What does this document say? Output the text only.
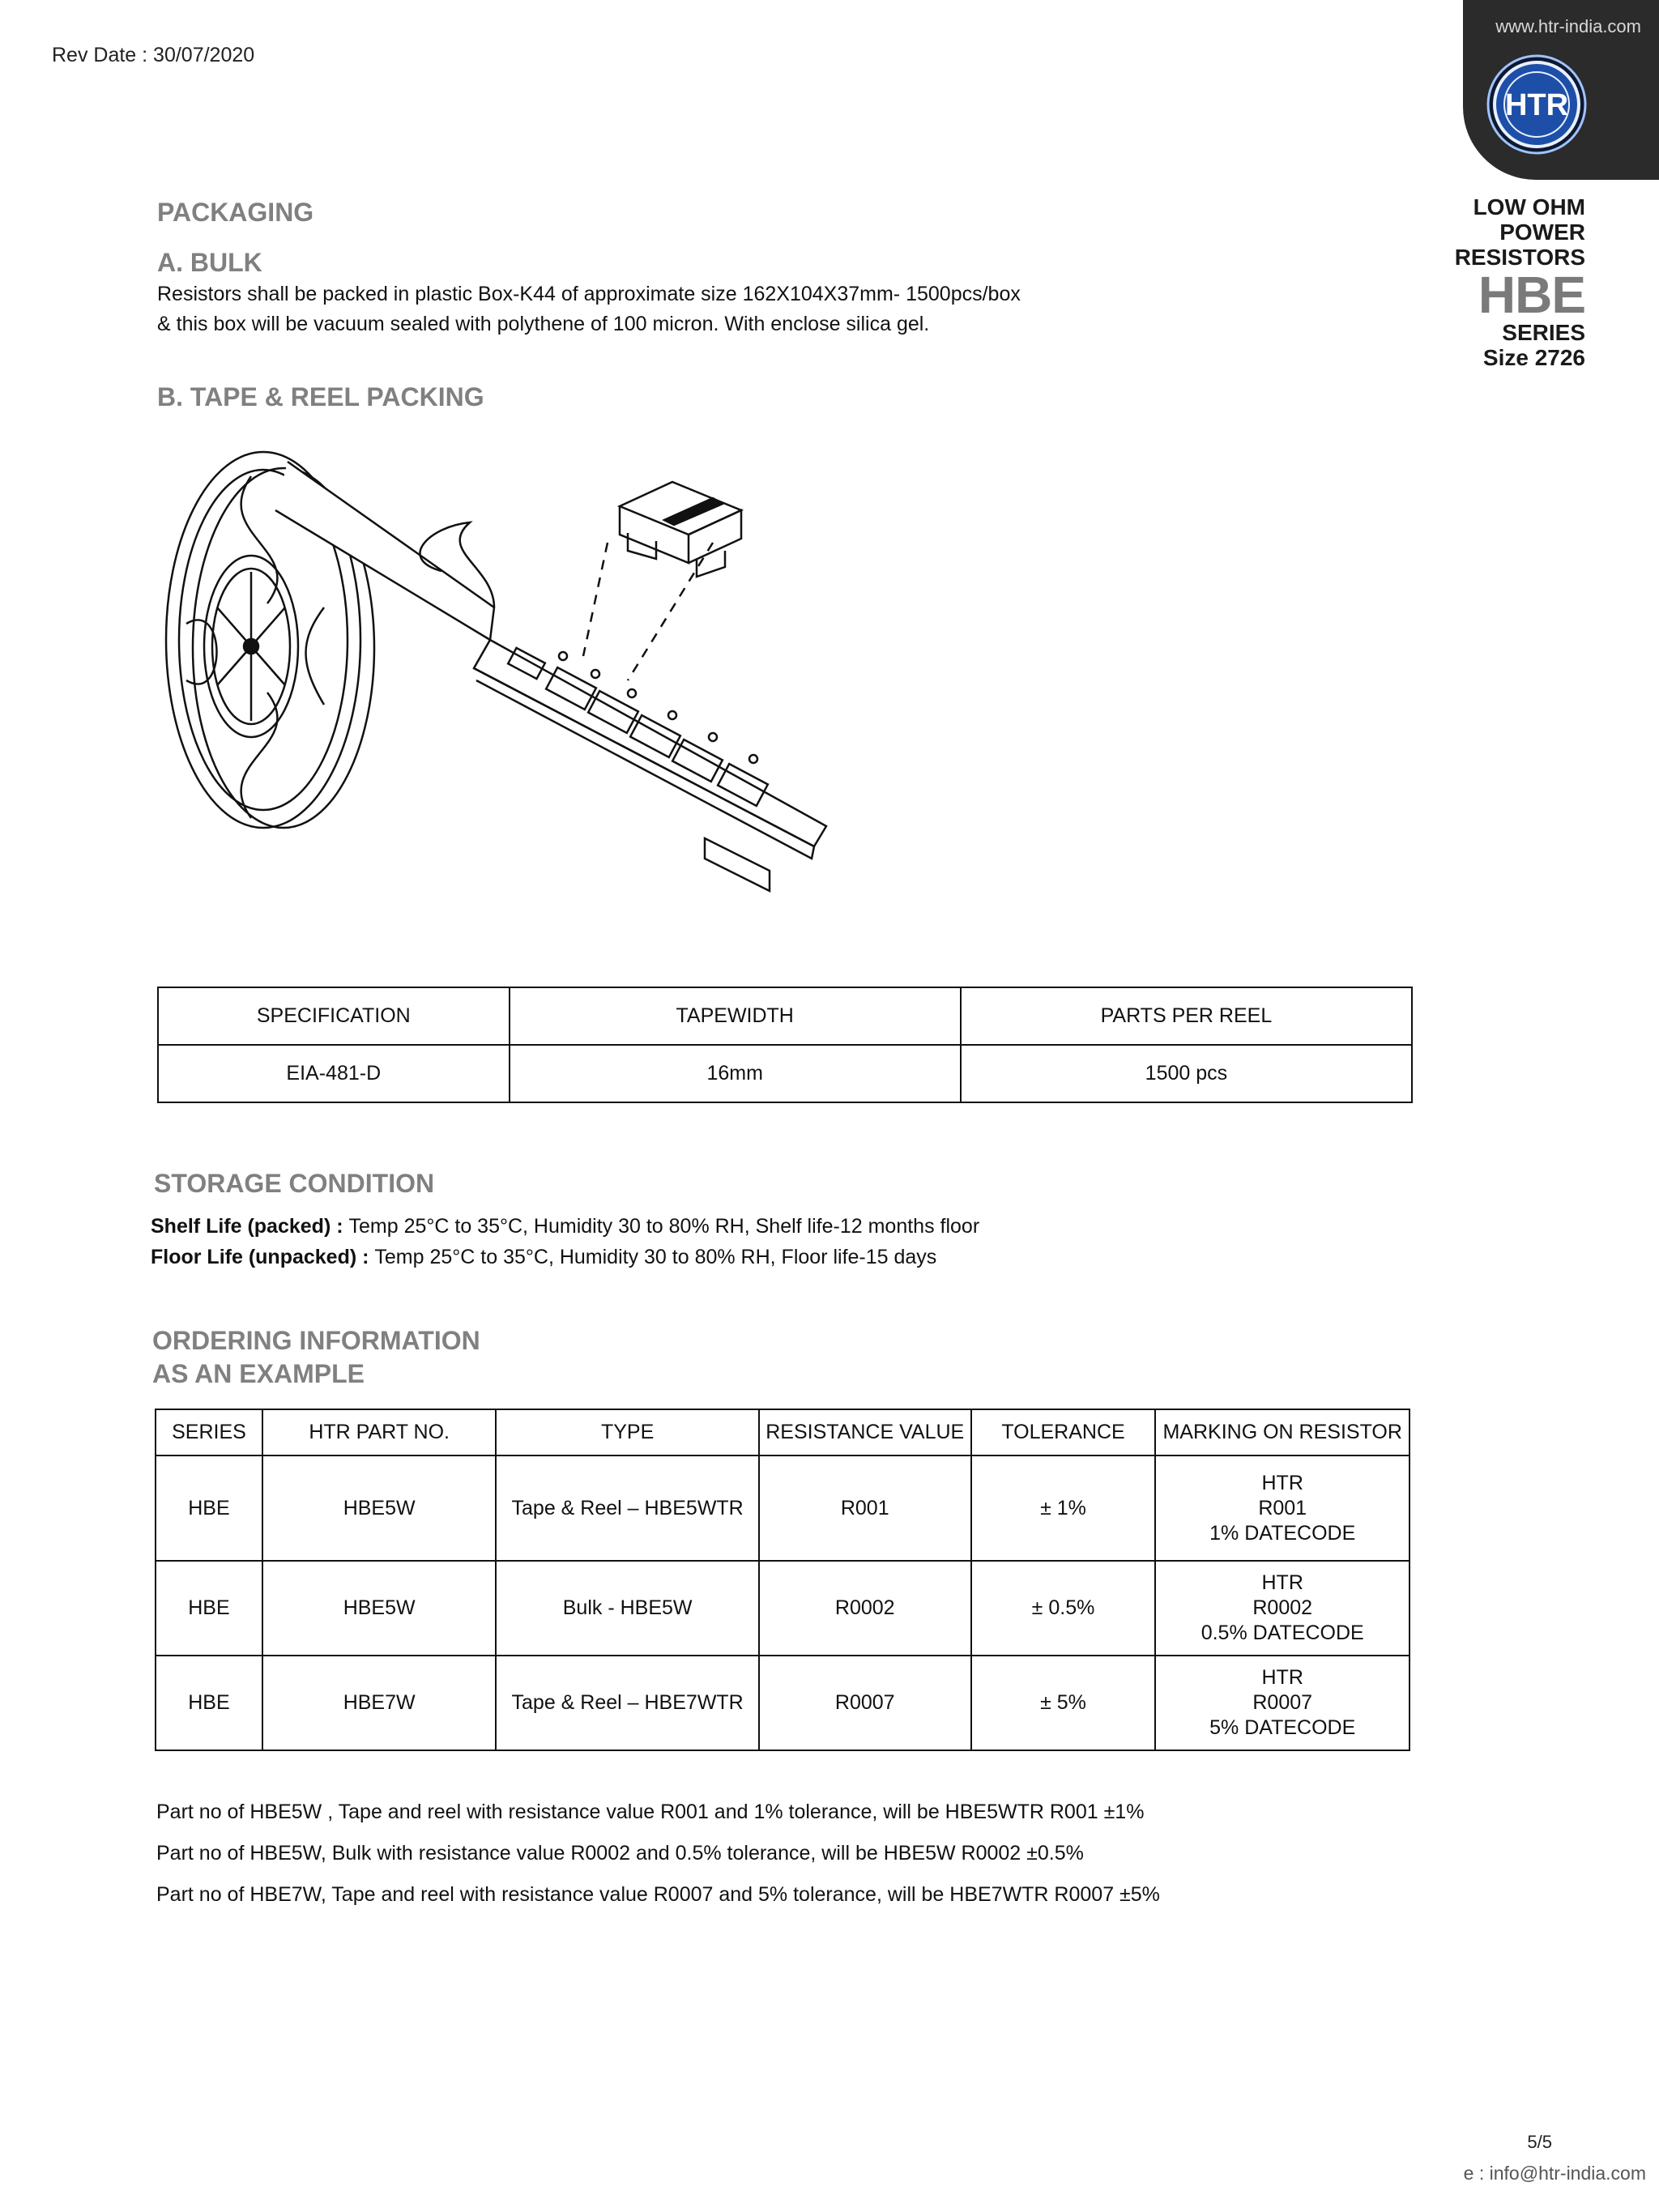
Rev Date : 30/07/2020
www.htr-india.com
HTR
LOW OHM
POWER
RESISTORS
HBE
SERIES
Size 2726
PACKAGING
A. BULK
Resistors shall be packed in plastic Box-K44 of approximate size 162X104X37mm- 1500pcs/box
& this box will be vacuum sealed with polythene of 100 micron. With enclose silica gel.
B. TAPE & REEL PACKING
SPECIFICATION	TAPEWIDTH	PARTS PER REEL
EIA-481-D	16mm	1500 pcs
STORAGE CONDITION
Shelf Life (packed) : Temp 25°C to 35°C, Humidity 30 to 80% RH, Shelf life-12 months floor
Floor Life (unpacked) : Temp 25°C to 35°C, Humidity 30 to 80% RH, Floor life-15 days
ORDERING INFORMATION
AS AN EXAMPLE
SERIES	HTR PART NO.	TYPE	RESISTANCE VALUE	TOLERANCE	MARKING ON RESISTOR
HBE	HBE5W	Tape & Reel – HBE5WTR	R001	± 1%	HTR
R001
1% DATECODE

HBE	HBE5W	Bulk - HBE5W	R0002	± 0.5%	HTR
R0002
0.5% DATECODE

HBE	HBE7W	Tape & Reel – HBE7WTR	R0007	± 5%	HTR
R0007
5% DATECODE
Part no of HBE5W , Tape and reel with resistance value R001 and 1% tolerance, will be HBE5WTR R001 ±1%
Part no of HBE5W, Bulk with resistance value R0002 and 0.5% tolerance, will be HBE5W R0002 ±0.5%
Part no of HBE7W, Tape and reel with resistance value R0007 and 5% tolerance, will be HBE7WTR R0007 ±5%
5/5
e : info@htr-india.com
